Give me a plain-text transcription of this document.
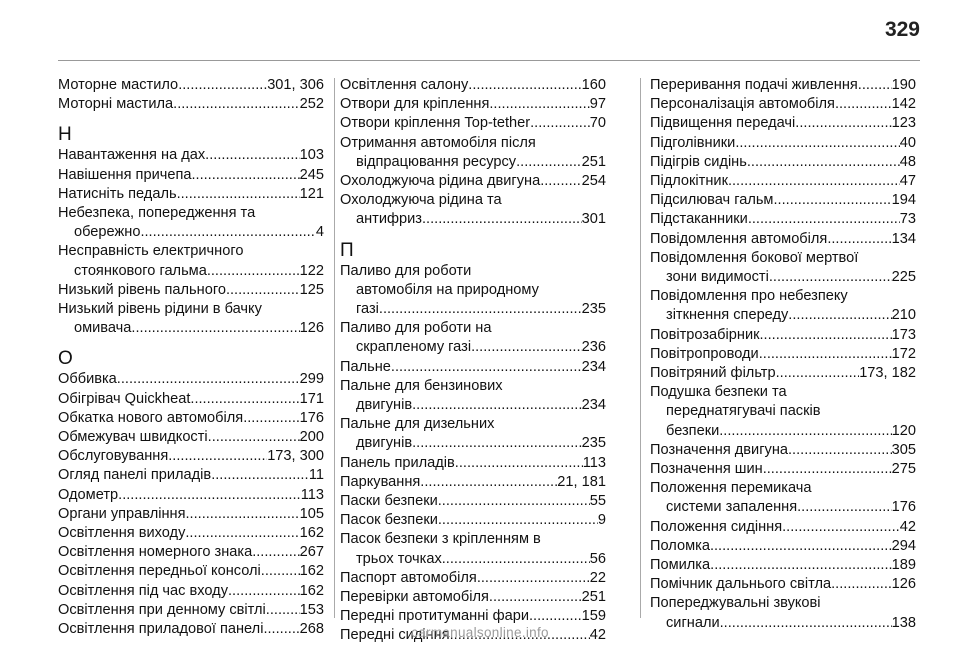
329
Моторне мастило .....	301, 306
Моторні мастила .....	252
Н
Навантаження на дах .....	103
Навішення причепа .....	245
Натисніть педаль .....	121
Небезпека, попередження та
обережно .....	4
Несправність електричного
стоянкового гальма .....	122
Низький рівень пального .....	125
Низький рівень рідини в бачку
омивача .....	126
О
Оббивка .....	299
Обігрівач Quickheat .....	171
Обкатка нового автомобіля .....	176
Обмежувач швидкості .....	200
Обслуговування .....	173, 300
Огляд панелі приладів .....	11
Одометр .....	113
Органи управління .....	105
Освітлення виходу .....	162
Освітлення номерного знака .....	267
Освітлення передньої консолі .....	162
Освітлення під час входу .....	162
Освітлення при денному світлі ..... 153
Освітлення приладової панелі ..... 268
Освітлення салону .....	160
Отвори для кріплення .....	97
Отвори кріплення Top-tether .....	70
Отримання автомобіля після
відпрацювання ресурсу .....	251
Охолоджуюча рідина двигуна .....	254
Охолоджуюча рідина та
антифриз .....	301
П
Паливо для роботи
автомобіля на природному
газі .....	235
Паливо для роботи на
скрапленому газі .....	236
Пальне .....	234
Пальне для бензинових
двигунів .....	234
Пальне для дизельних
двигунів .....	235
Панель приладів .....	113
Паркування .....	21, 181
Паски безпеки .....	55
Пасок безпеки .....	9
Пасок безпеки з кріпленням в
трьох точках .....	56
Паспорт автомобіля .....	22
Перевірки автомобіля .....	251
Передні протитуманні фари .....	159
Передні сидіння .....	42
Переривання подачі живлення ..... 190
Персоналізація автомобіля .....	142
Підвищення передачі .....	123
Підголівники .....	40
Підігрів сидінь .....	48
Підлокітник .....	47
Підсилювач гальм .....	194
Підстаканники .....	73
Повідомлення автомобіля .....	134
Повідомлення бокової мертвої
зони видимості .....	225
Повідомлення про небезпеку
зіткнення спереду .....	210
Повітрозабірник .....	173
Повітропроводи .....	172
Повітряний фільтр .....	173, 182
Подушка безпеки та
переднатягувачі пасків
безпеки .....	120
Позначення двигуна .....	305
Позначення шин .....	275
Положення перемикача
системи запалення .....	176
Положення сидіння .....	42
Поломка .....	294
Помилка .....	189
Помічник дальнього світла .....	126
Попереджувальні звукові
сигнали .....	138
carmanualsonline.info
